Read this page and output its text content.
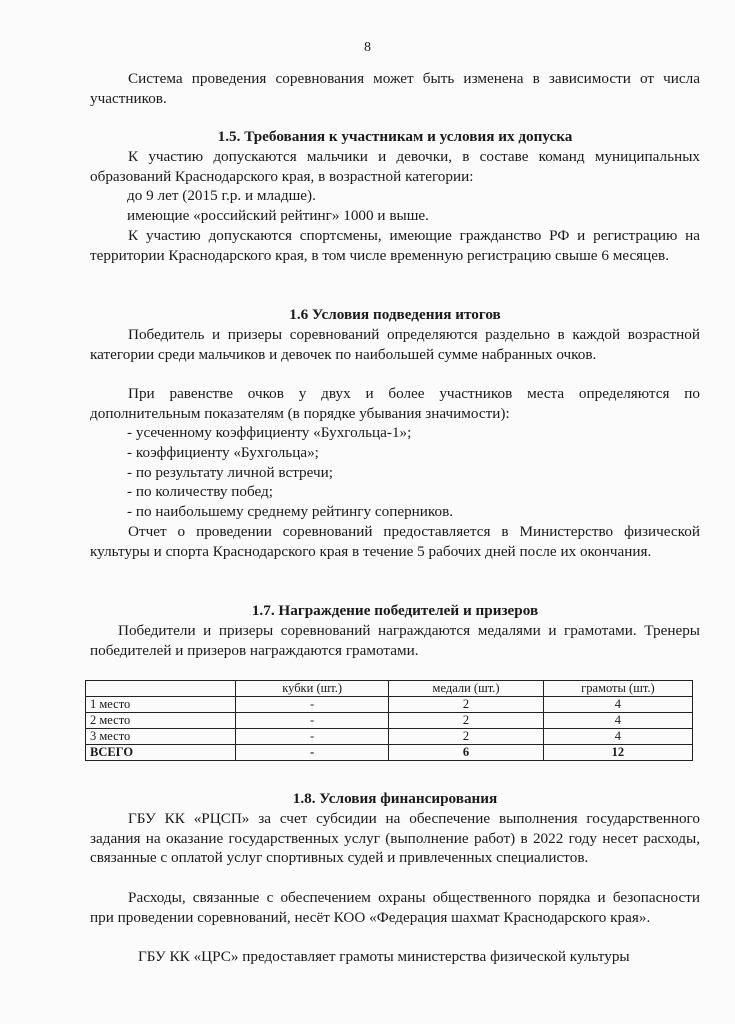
8

Система проведения соревнования может быть изменена в зависимости от числа участников.

1.5. Требования к участникам и условия их допуска

К участию допускаются мальчики и девочки, в составе команд муниципальных образований Краснодарского края, в возрастной категории:

до 9 лет (2015 г.р. и младше).

имеющие «российский рейтинг» 1000 и выше.

К участию допускаются спортсмены, имеющие гражданство РФ и регистрацию на территории Краснодарского края, в том числе временную регистрацию свыше 6 месяцев.

1.6 Условия подведения итогов

Победитель и призеры соревнований определяются раздельно в каждой возрастной категории среди мальчиков и девочек по наибольшей сумме набранных очков.

При равенстве очков у двух и более участников места определяются по дополнительным показателям (в порядке убывания значимости):

- усеченному коэффициенту «Бухгольца-1»;

- коэффициенту «Бухгольца»;

- по результату личной встречи;

- по количеству побед;

- по наибольшему среднему рейтингу соперников.

Отчет о проведении соревнований предоставляется в Министерство физической культуры и спорта Краснодарского края в течение 5 рабочих дней после их окончания.

1.7. Награждение победителей и призеров

Победители и призеры соревнований награждаются медалями и грамотами. Тренеры победителей и призеров награждаются грамотами.

	кубки (шт.)	медали (шт.)	грамоты (шт.)
1 место	-	2	4
2 место	-	2	4
3 место	-	2	4
ВСЕГО	-	6	12

1.8. Условия финансирования

ГБУ КК «РЦСП» за счет субсидии на обеспечение выполнения государственного задания на оказание государственных услуг (выполнение работ) в 2022 году несет расходы, связанные с оплатой услуг спортивных судей и привлеченных специалистов.

Расходы, связанные с обеспечением охраны общественного порядка и безопасности при проведении соревнований, несёт КОО «Федерация шахмат Краснодарского края».

ГБУ КК «ЦРС» предоставляет грамоты министерства физической культуры
